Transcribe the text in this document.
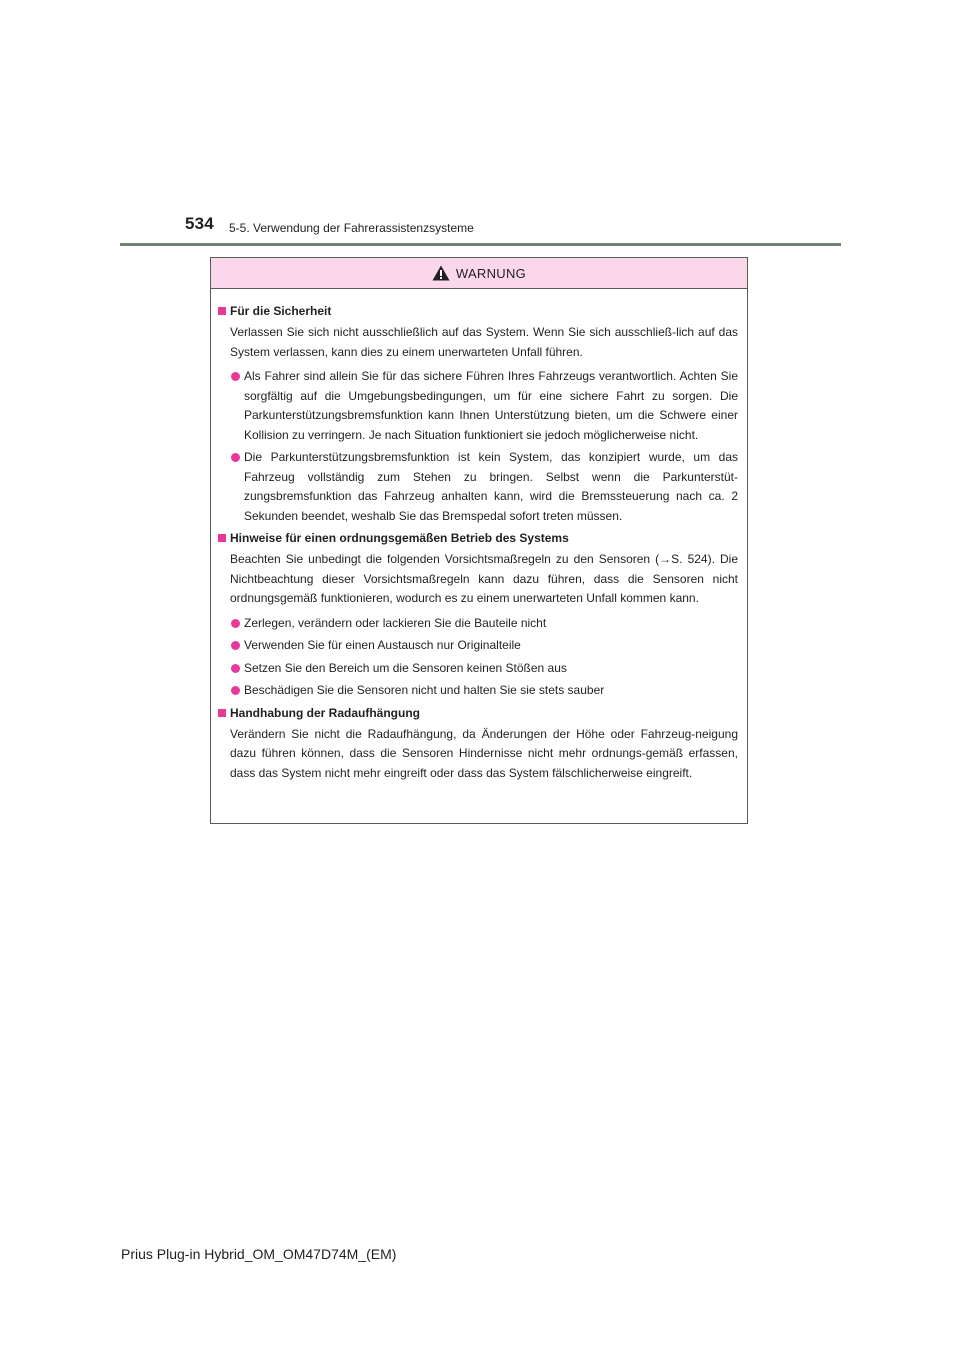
534 5-5. Verwendung der Fahrerassistenzsysteme
WARNUNG
Für die Sicherheit
Verlassen Sie sich nicht ausschließlich auf das System. Wenn Sie sich ausschließ-lich auf das System verlassen, kann dies zu einem unerwarteten Unfall führen.
Als Fahrer sind allein Sie für das sichere Führen Ihres Fahrzeugs verantwortlich. Achten Sie sorgfältig auf die Umgebungsbedingungen, um für eine sichere Fahrt zu sorgen. Die Parkunterstützungsbremsfunktion kann Ihnen Unterstützung bieten, um die Schwere einer Kollision zu verringern. Je nach Situation funktioniert sie jedoch möglicherweise nicht.
Die Parkunterstützungsbremsfunktion ist kein System, das konzipiert wurde, um das Fahrzeug vollständig zum Stehen zu bringen. Selbst wenn die Parkunterstüt-zungsbremsfunktion das Fahrzeug anhalten kann, wird die Bremssteuerung nach ca. 2 Sekunden beendet, weshalb Sie das Bremspedal sofort treten müssen.
Hinweise für einen ordnungsgemäßen Betrieb des Systems
Beachten Sie unbedingt die folgenden Vorsichtsmaßregeln zu den Sensoren (→S. 524). Die Nichtbeachtung dieser Vorsichtsmaßregeln kann dazu führen, dass die Sensoren nicht ordnungsgemäß funktionieren, wodurch es zu einem unerwarteten Unfall kommen kann.
Zerlegen, verändern oder lackieren Sie die Bauteile nicht
Verwenden Sie für einen Austausch nur Originalteile
Setzen Sie den Bereich um die Sensoren keinen Stößen aus
Beschädigen Sie die Sensoren nicht und halten Sie sie stets sauber
Handhabung der Radaufhängung
Verändern Sie nicht die Radaufhängung, da Änderungen der Höhe oder Fahrzeug-neigung dazu führen können, dass die Sensoren Hindernisse nicht mehr ordnungs-gemäß erfassen, dass das System nicht mehr eingreift oder dass das System fälschlicherweise eingreift.
Prius Plug-in Hybrid_OM_OM47D74M_(EM)
